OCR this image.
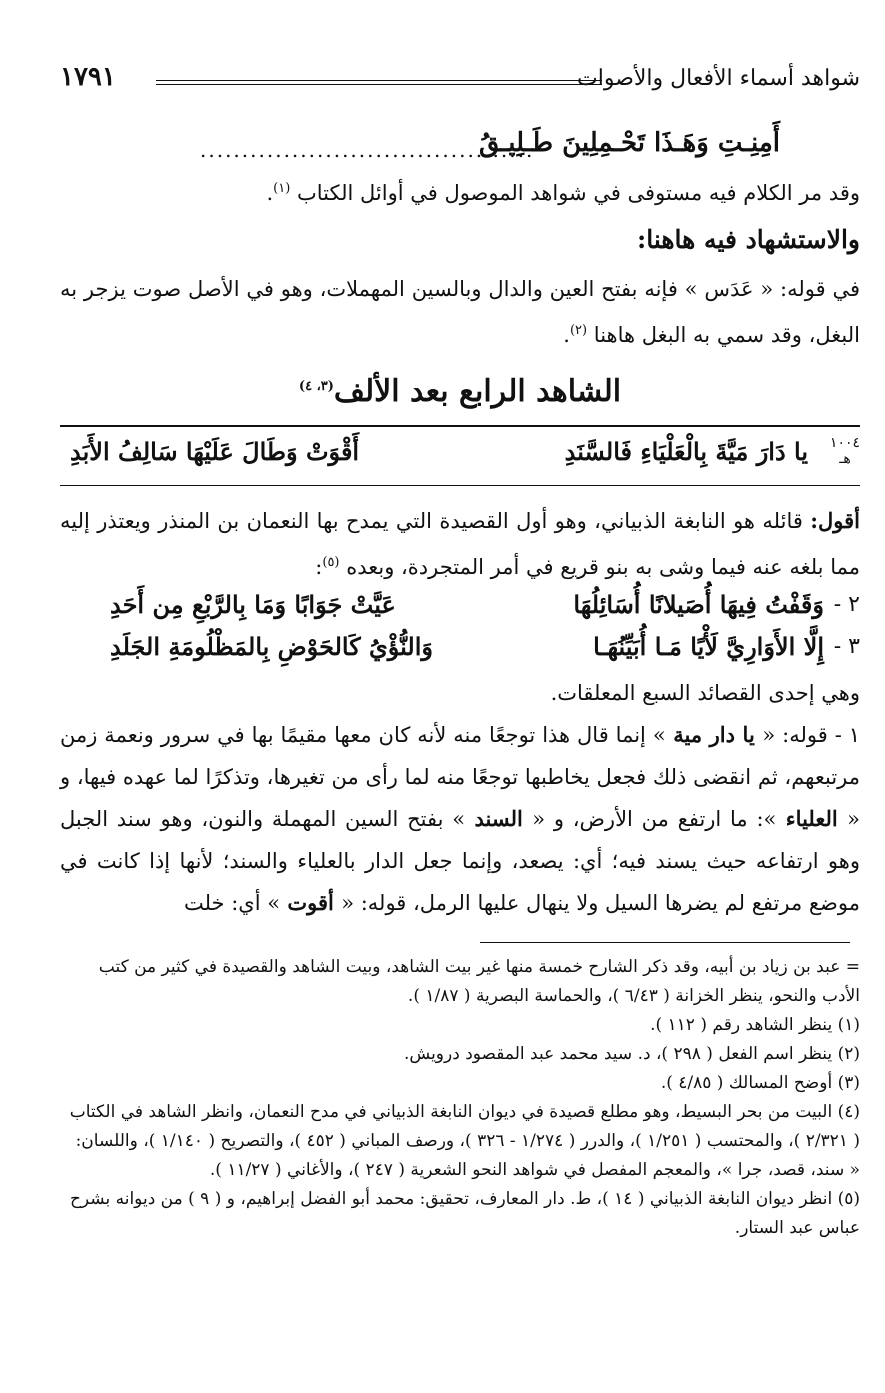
شواهد أسماء الأفعال والأصوات
١٧٩١
........................................
أَمِنِـتِ وَهَـذَا تَحْـمِلِينَ طَـلِيـقُ

وقد مر الكلام فيه مستوفى في شواهد الموصول في أوائل الكتاب $^{(١)}$.

والاستشهاد فيه هاهنا:

في قوله: « عَدَس » فإنه بفتح العين والدال وبالسين المهملات، وهو في الأصل صوت يزجر به البغل، وقد سمي به البغل هاهنا $^{(٢)}$.

الشاهد الرابع بعد الألف$^{(٣، ٤)}$
١٠٠٤
هـ
يا دَارَ مَيَّةَ بِالْعَلْيَاءِ فَالسَّنَدِ
أَقْوَتْ وَطَالَ عَلَيْهَا سَالِفُ الأَبَدِ

أقول: قائله هو النابغة الذبياني، وهو أول القصيدة التي يمدح بها النعمان بن المنذر ويعتذر إليه مما بلغه عنه فيما وشى به بنو قريع في أمر المتجردة، وبعده $^{(٥)}$:

٢ -
وَقَفْتُ فِيهَا أُصَيلانًا أُسَائِلُهَا
عَيَّتْ جَوَابًا وَمَا بِالرَّبْعِ مِن أَحَدِ
٣ -
إِلَّا الأَوَارِيَّ لَأْيًا مَـا أُبَيِّنُهَـا
وَالنُّؤْيُ كَالحَوْضِ بِالمَظْلُومَةِ الجَلَدِ

وهي إحدى القصائد السبع المعلقات.

١ - قوله: « يا دار مية » إنما قال هذا توجعًا منه لأنه كان معها مقيمًا بها في سرور ونعمة زمن مرتبعهم، ثم انقضى ذلك فجعل يخاطبها توجعًا منه لما رأى من تغيرها، وتذكرًا لما عهده فيها، و « العلياء »: ما ارتفع من الأرض، و « السند » بفتح السين المهملة والنون، وهو سند الجبل وهو ارتفاعه حيث يسند فيه؛ أي: يصعد، وإنما جعل الدار بالعلياء والسند؛ لأنها إذا كانت في موضع مرتفع لم يضرها السيل ولا ينهال عليها الرمل، قوله: « أقوت » أي: خلت

= عبد بن زياد بن أبيه، وقد ذكر الشارح خمسة منها غير بيت الشاهد، وبيت الشاهد والقصيدة في كثير من كتب الأدب والنحو، ينظر الخزانة ( ٦/٤٣ )، والحماسة البصرية ( ١/٨٧ ).

(١) ينظر الشاهد رقم ( ١١٢ ).

(٢) ينظر اسم الفعل ( ٢٩٨ )، د. سيد محمد عبد المقصود درويش.

(٣) أوضح المسالك ( ٤/٨٥ ).

(٤) البيت من بحر البسيط، وهو مطلع قصيدة في ديوان النابغة الذبياني في مدح النعمان، وانظر الشاهد في الكتاب ( ٢/٣٢١ )، والمحتسب ( ١/٢٥١ )، والدرر ( ١/٢٧٤ - ٣٢٦ )، ورصف المباني ( ٤٥٢ )، والتصريح ( ١/١٤٠ )، واللسان: « سند، قصد، جرا »، والمعجم المفصل في شواهد النحو الشعرية ( ٢٤٧ )، والأغاني ( ١١/٢٧ ).

(٥) انظر ديوان النابغة الذبياني ( ١٤ )، ط. دار المعارف، تحقيق: محمد أبو الفضل إبراهيم، و ( ٩ ) من ديوانه بشرح عباس عبد الستار.
